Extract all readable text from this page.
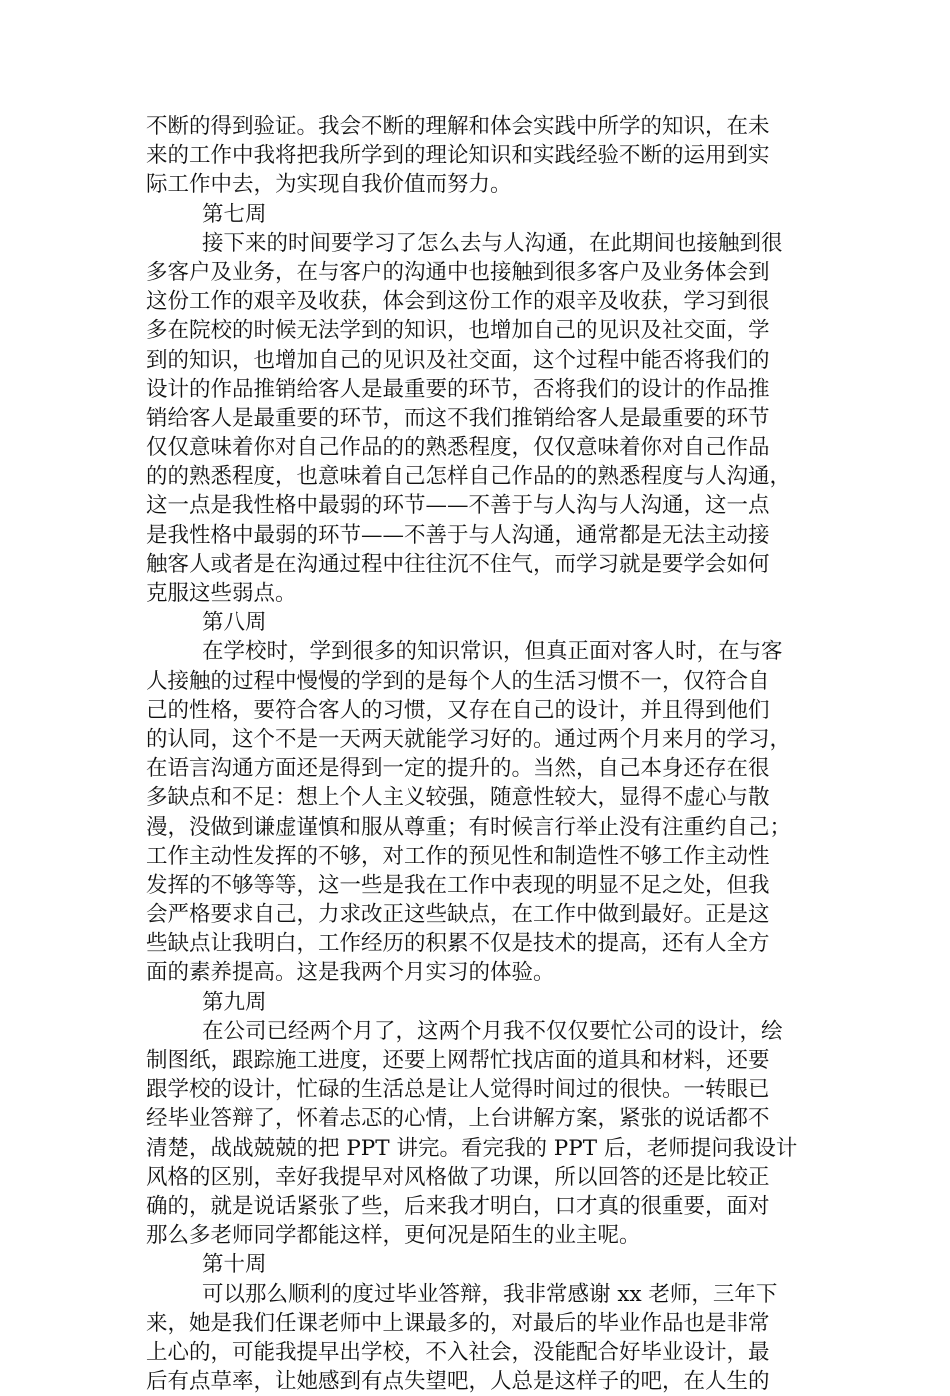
不断的得到验证。我会不断的理解和体会实践中所学的知识，在未
来的工作中我将把我所学到的理论知识和实践经验不断的运用到实
际工作中去，为实现自我价值而努力。
第七周
接下来的时间要学习了怎么去与人沟通，在此期间也接触到很
多客户及业务，在与客户的沟通中也接触到很多客户及业务体会到
这份工作的艰辛及收获，体会到这份工作的艰辛及收获，学习到很
多在院校的时候无法学到的知识，也增加自己的见识及社交面，学
到的知识，也增加自己的见识及社交面，这个过程中能否将我们的
设计的作品推销给客人是最重要的环节，否将我们的设计的作品推
销给客人是最重要的环节，而这不我们推销给客人是最重要的环节
仅仅意味着你对自己作品的的熟悉程度，仅仅意味着你对自己作品
的的熟悉程度，也意味着自己怎样自己作品的的熟悉程度与人沟通，
这一点是我性格中最弱的环节——不善于与人沟与人沟通，这一点
是我性格中最弱的环节——不善于与人沟通，通常都是无法主动接
触客人或者是在沟通过程中往往沉不住气，而学习就是要学会如何
克服这些弱点。
第八周
在学校时，学到很多的知识常识，但真正面对客人时，在与客
人接触的过程中慢慢的学到的是每个人的生活习惯不一，仅符合自
己的性格，要符合客人的习惯，又存在自己的设计，并且得到他们
的认同，这个不是一天两天就能学习好的。通过两个月来月的学习，
在语言沟通方面还是得到一定的提升的。当然，自己本身还存在很
多缺点和不足：想上个人主义较强，随意性较大，显得不虚心与散
漫，没做到谦虚谨慎和服从尊重；有时候言行举止没有注重约自己；
工作主动性发挥的不够，对工作的预见性和制造性不够工作主动性
发挥的不够等等，这一些是我在工作中表现的明显不足之处，但我
会严格要求自己，力求改正这些缺点，在工作中做到最好。正是这
些缺点让我明白，工作经历的积累不仅是技术的提高，还有人全方
面的素养提高。这是我两个月实习的体验。
第九周
在公司已经两个月了，这两个月我不仅仅要忙公司的设计，绘
制图纸，跟踪施工进度，还要上网帮忙找店面的道具和材料，还要
跟学校的设计，忙碌的生活总是让人觉得时间过的很快。一转眼已
经毕业答辩了，怀着忐忑的心情，上台讲解方案，紧张的说话都不
清楚，战战兢兢的把 PPT 讲完。看完我的 PPT 后，老师提问我设计
风格的区别，幸好我提早对风格做了功课，所以回答的还是比较正
确的，就是说话紧张了些，后来我才明白，口才真的很重要，面对
那么多老师同学都能这样，更何况是陌生的业主呢。
第十周
可以那么顺利的度过毕业答辩，我非常感谢 xx 老师，三年下
来，她是我们任课老师中上课最多的，对最后的毕业作品也是非常
上心的，可能我提早出学校，不入社会，没能配合好毕业设计，最
后有点草率，让她感到有点失望吧，人总是这样子的吧，在人生的
